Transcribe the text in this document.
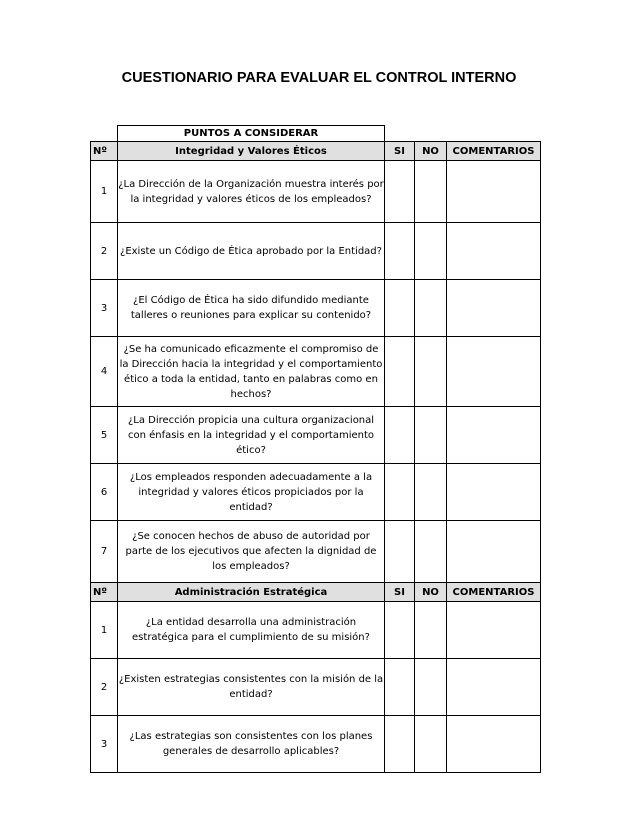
CUESTIONARIO PARA EVALUAR EL CONTROL INTERNO
	PUNTOS A CONSIDERAR			
Nº	Integridad y Valores Éticos	SI	NO	COMENTARIOS
1	¿La Dirección de la Organización muestra interés por la integridad y valores éticos de los empleados?			
2	¿Existe un Código de Ética aprobado por la Entidad?			
3	¿El Código de Ética ha sido difundido mediante talleres o reuniones para explicar su contenido?			
4	¿Se ha comunicado eficazmente el compromiso de la Dirección hacia la integridad y el comportamiento ético a toda la entidad, tanto en palabras como en hechos?			
5	¿La Dirección propicia una cultura organizacional con énfasis en la integridad y el comportamiento ético?			
6	¿Los empleados responden adecuadamente a la integridad y valores éticos propiciados por la entidad?			
7	¿Se conocen hechos de abuso de autoridad por parte de los ejecutivos que afecten la dignidad de los empleados?			
Nº	Administración Estratégica	SI	NO	COMENTARIOS
1	¿La entidad desarrolla una administración estratégica para el cumplimiento de su misión?			
2	¿Existen estrategias consistentes con la misión de la entidad?			
3	¿Las estrategias son consistentes con los planes generales de desarrollo aplicables?			
